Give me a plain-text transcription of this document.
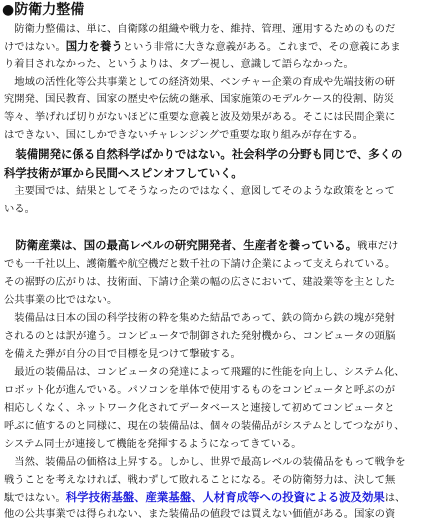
●防衛力整備
　防衛力整備は、単に、自衛隊の組織や戦力を、維持、管理、運用するためのものだ
けではない。国力を養うという非常に大きな意義がある。これまで、その意義にあま
り着目されなかった、というよりは、タブー視し、意識して語らなかった。
　地域の活性化等公共事業としての経済効果、ベンチャー企業の育成や先端技術の研
究開発、国民教育、国家の歴史や伝統の継承、国家施策のモデルケース的役割、防災
等々、挙げれば切りがないほどに重要な意義と波及効果がある。そこには民間企業に
はできない、国にしかできないチャレンジングで重要な取り組みが存在する。
　装備開発に係る自然科学ばかりではない。社会科学の分野も同じで、多くの
科学技術が軍から民間へスピンオフしていく。
　主要国では、結果としてそうなったのではなく、意図してそのような政策をとって
いる。
　防衛産業は、国の最高レベルの研究開発者、生産者を養っている。戦車だけ
でも一千社以上、護衛艦や航空機だと数千社の下請け企業によって支えられている。
その裾野の広がりは、技術面、下請け企業の幅の広さにおいて、建設業等を主とした
公共事業の比ではない。
　装備品は日本の国の科学技術の粋を集めた結晶であって、鉄の筒から鉄の塊が発射
されるのとは訳が違う。コンピュータで制御された発射機から、コンピュータの頭脳
を備えた弾が自分の目で目標を見つけて撃破する。
　最近の装備品は、コンピュータの発達によって飛躍的に性能を向上し、システム化、
ロボット化が進んでいる。パソコンを単体で使用するものをコンピュータと呼ぶのが
相応しくなく、ネットワーク化されてデータベースと連接して初めてコンピュータと
呼ぶに値するのと同様に、現在の装備品は、個々の装備品がシステムとしてつながり、
システム同士が連接して機能を発揮するようになってきている。
　当然、装備品の価格は上昇する。しかし、世界で最高レベルの装備品をもって戦争を
戦うことを考えなければ、戦わずして敗れることになる。その防衛努力は、決して無
駄ではない。科学技術基盤、産業基盤、人材育成等への投資による波及効果は、
他の公共事業では得られない、また装備品の値段では買えない価値がある。国家の資
